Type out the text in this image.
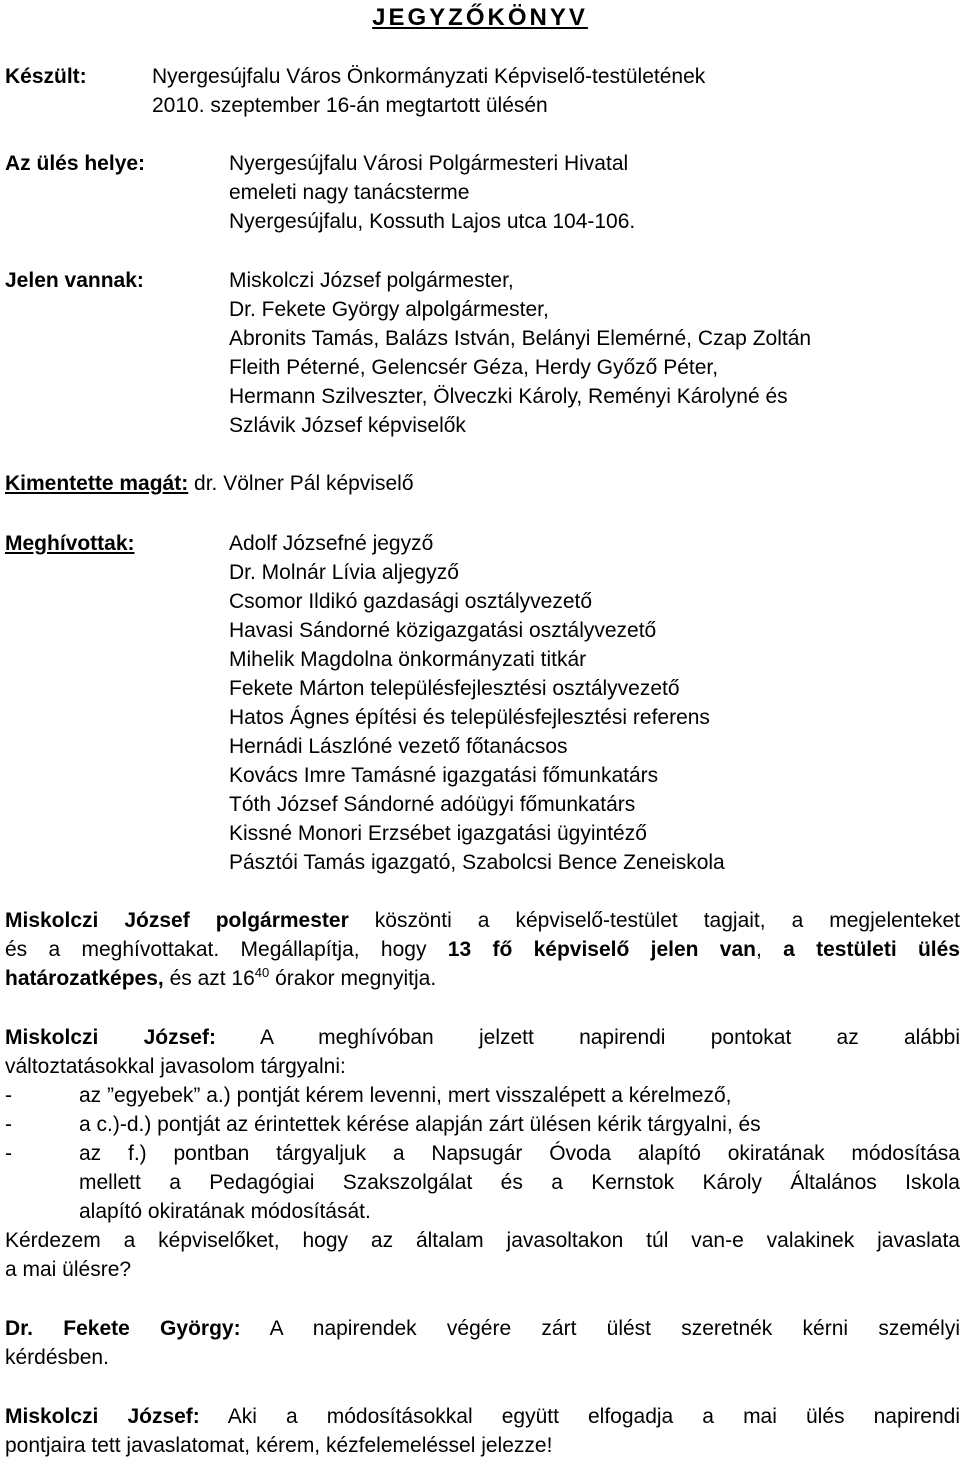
JEGYZŐKÖNYV
Készült:	Nyergesújfalu Város Önkormányzati Képviselő-testületének
2010. szeptember 16-án megtartott ülésén
Az ülés helye:	Nyergesújfalu Városi Polgármesteri Hivatal
emeleti nagy tanácsterme
Nyergesújfalu, Kossuth Lajos utca 104-106.
Jelen vannak:	Miskolczi József polgármester,
Dr. Fekete György alpolgármester,
Abronits Tamás, Balázs István, Belányi Elemérné, Czap Zoltán
Fleith Péterné, Gelencsér Géza, Herdy Győző Péter,
Hermann Szilveszter, Ölveczki Károly, Reményi Károlyné és
Szlávik József képviselők
Kimentette magát: dr. Völner Pál képviselő
Meghívottak:	Adolf Józsefné jegyző
Dr. Molnár Lívia aljegyző
Csomor Ildikó gazdasági osztályvezető
Havasi Sándorné közigazgatási osztályvezető
Mihelik Magdolna önkormányzati titkár
Fekete Márton településfejlesztési osztályvezető
Hatos Ágnes építési és településfejlesztési referens
Hernádi Lászlóné vezető főtanácsos
Kovács Imre Tamásné igazgatási főmunkatárs
Tóth József Sándorné adóügyi főmunkatárs
Kissné Monori Erzsébet igazgatási ügyintéző
Pásztói Tamás igazgató, Szabolcsi Bence Zeneiskola
Miskolczi József polgármester köszönti a képviselő-testület tagjait, a megjelenteket
és a meghívottakat. Megállapítja, hogy 13 fő képviselő jelen van, a testületi ülés
határozatképes, és azt $16^{40}$ órakor megnyitja.
Miskolczi József: A meghívóban jelzett napirendi pontokat az alábbi
változtatásokkal javasolom tárgyalni:
-	az ”egyebek” a.) pontját kérem levenni, mert visszalépett a kérelmező,
-	a c.)-d.) pontját az érintettek kérése alapján zárt ülésen kérik tárgyalni, és
-	az f.) pontban tárgyaljuk a Napsugár Óvoda alapító okiratának módosítása
mellett a Pedagógiai Szakszolgálat és a Kernstok Károly Általános Iskola
alapító okiratának módosítását.
Kérdezem a képviselőket, hogy az általam javasoltakon túl van-e valakinek javaslata
a mai ülésre?
Dr. Fekete György: A napirendek végére zárt ülést szeretnék kérni személyi
kérdésben.
Miskolczi József: Aki a módosításokkal együtt elfogadja a mai ülés napirendi
pontjaira tett javaslatomat, kérem, kézfelemeléssel jelezze!
